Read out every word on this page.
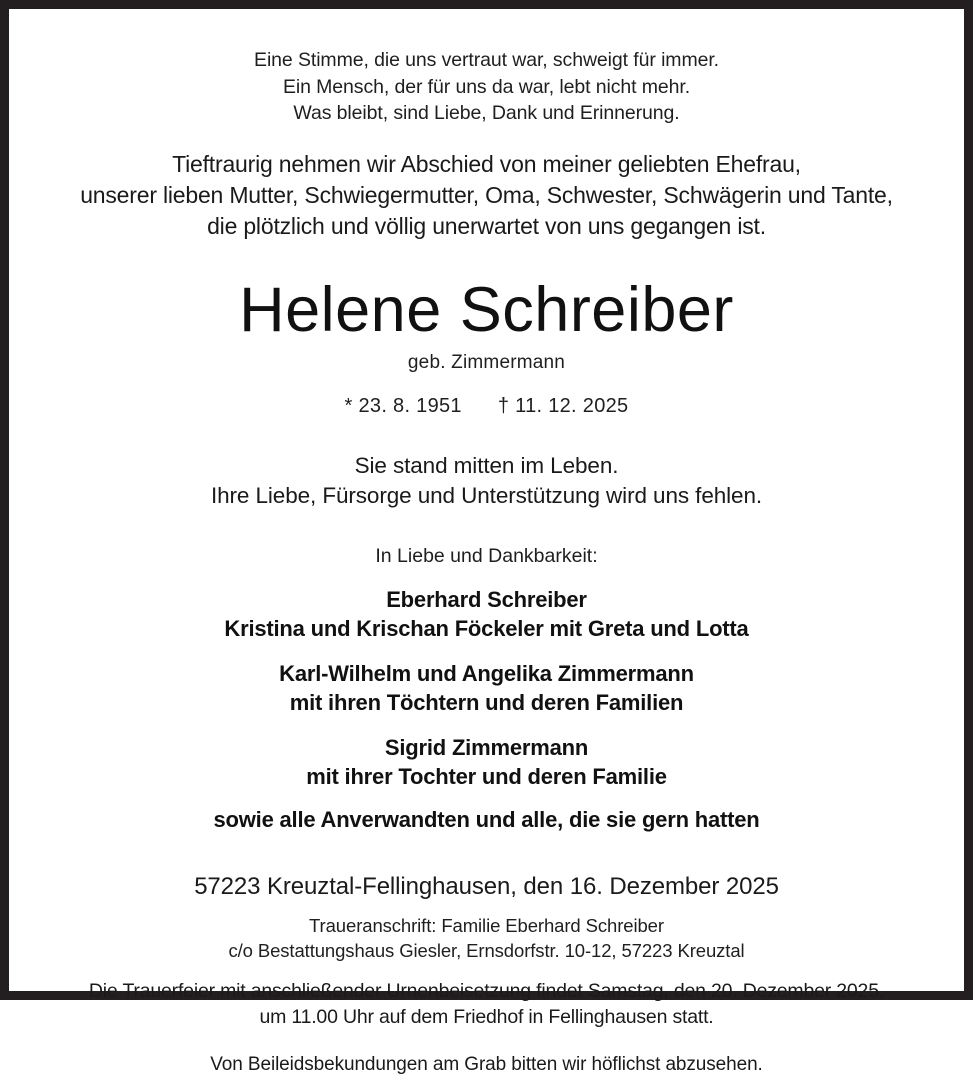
Eine Stimme, die uns vertraut war, schweigt für immer.
Ein Mensch, der für uns da war, lebt nicht mehr.
Was bleibt, sind Liebe, Dank und Erinnerung.
Tieftraurig nehmen wir Abschied von meiner geliebten Ehefrau,
unserer lieben Mutter, Schwiegermutter, Oma, Schwester, Schwägerin und Tante,
die plötzlich und völlig unerwartet von uns gegangen ist.
Helene Schreiber
geb. Zimmermann
* 23. 8. 1951 † 11. 12. 2025
Sie stand mitten im Leben.
Ihre Liebe, Fürsorge und Unterstützung wird uns fehlen.
In Liebe und Dankbarkeit:
Eberhard Schreiber
Kristina und Krischan Föckeler mit Greta und Lotta
Karl-Wilhelm und Angelika Zimmermann
mit ihren Töchtern und deren Familien
Sigrid Zimmermann
mit ihrer Tochter und deren Familie
sowie alle Anverwandten und alle, die sie gern hatten
57223 Kreuztal-Fellinghausen, den 16. Dezember 2025
Traueranschrift: Familie Eberhard Schreiber
c/o Bestattungshaus Giesler, Ernsdorfstr. 10-12, 57223 Kreuztal
Die Trauerfeier mit anschließender Urnenbeisetzung findet Samstag, den 20. Dezember 2025,
um 11.00 Uhr auf dem Friedhof in Fellinghausen statt.
Von Beileidsbekundungen am Grab bitten wir höflichst abzusehen.
